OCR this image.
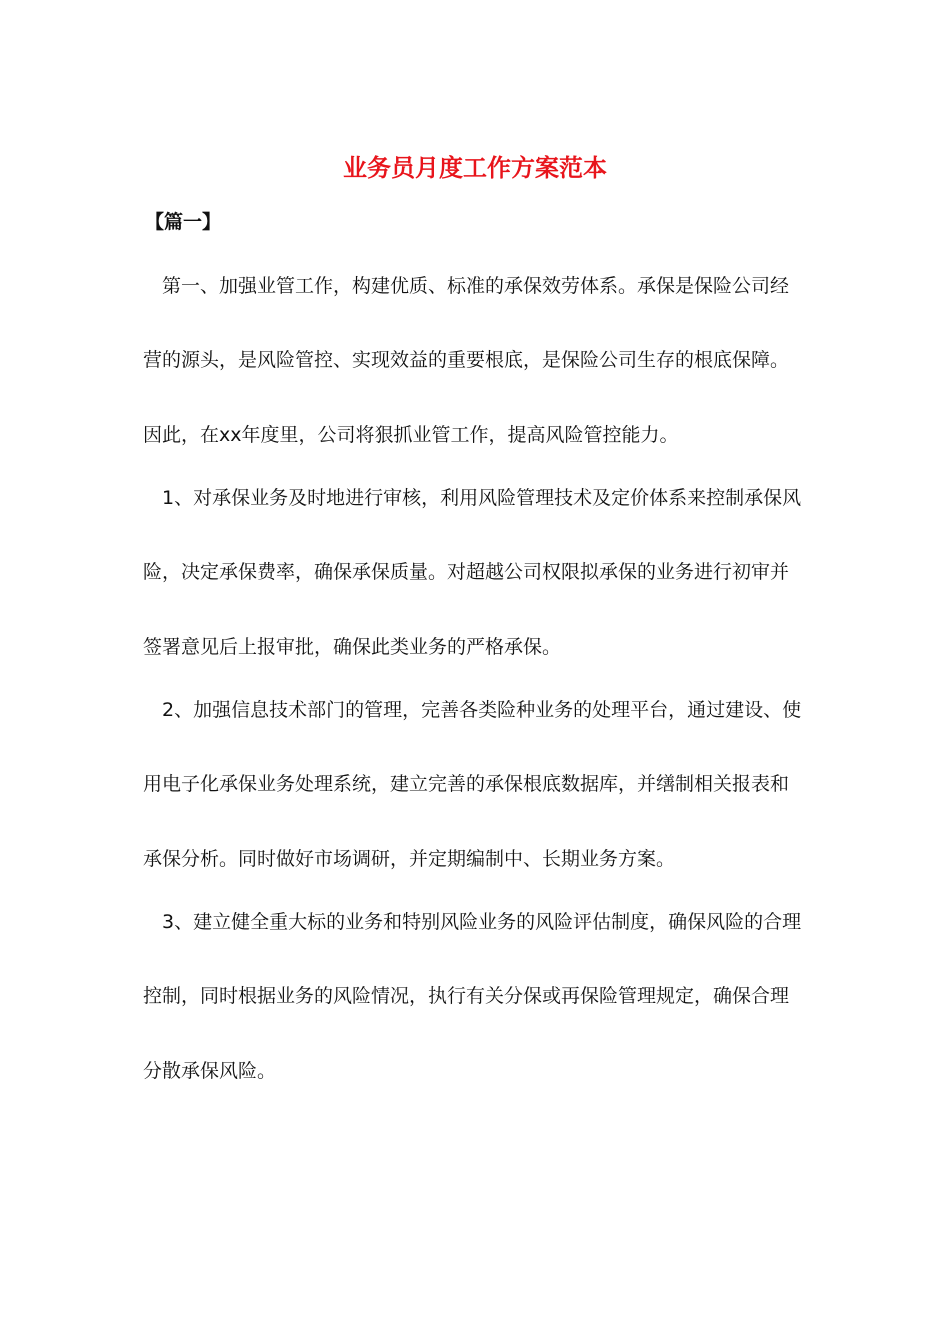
业务员月度工作方案范本

【篇一】

　第一、加强业管工作，构建优质、标准的承保效劳体系。承保是保险公司经

营的源头，是风险管控、实现效益的重要根底，是保险公司生存的根底保障。

因此，在xx年度里，公司将狠抓业管工作，提高风险管控能力。

　1、对承保业务及时地进行审核，利用风险管理技术及定价体系来控制承保风

险，决定承保费率，确保承保质量。对超越公司权限拟承保的业务进行初审并

签署意见后上报审批，确保此类业务的严格承保。

　2、加强信息技术部门的管理，完善各类险种业务的处理平台，通过建设、使

用电子化承保业务处理系统，建立完善的承保根底数据库，并缮制相关报表和

承保分析。同时做好市场调研，并定期编制中、长期业务方案。

　3、建立健全重大标的业务和特别风险业务的风险评估制度，确保风险的合理

控制，同时根据业务的风险情况，执行有关分保或再保险管理规定，确保合理

分散承保风险。
